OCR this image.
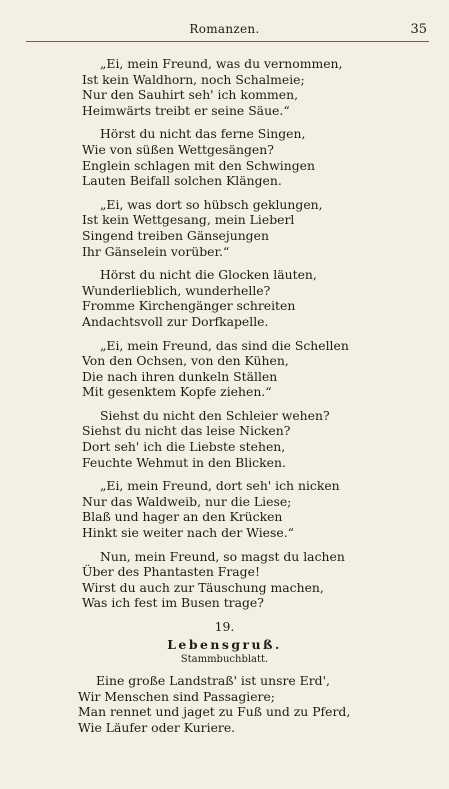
Romanzen.	35
„Ei, mein Freund, was du vernommen,
Ist kein Waldhorn, noch Schalmeie;
Nur den Sauhirt seh' ich kommen,
Heimwärts treibt er seine Säue.“
Hörst du nicht das ferne Singen,
Wie von süßen Wettgesängen?
Englein schlagen mit den Schwingen
Lauten Beifall solchen Klängen.
„Ei, was dort so hübsch geklungen,
Ist kein Wettgesang, mein Lieberl
Singend treiben Gänsejungen
Ihr Gänselein vorüber.“
Hörst du nicht die Glocken läuten,
Wunderlieblich, wunderhelle?
Fromme Kirchengänger schreiten
Andachtsvoll zur Dorfkapelle.
„Ei, mein Freund, das sind die Schellen
Von den Ochsen, von den Kühen,
Die nach ihren dunkeln Ställen
Mit gesenktem Kopfe ziehen.“
Siehst du nicht den Schleier wehen?
Siehst du nicht das leise Nicken?
Dort seh' ich die Liebste stehen,
Feuchte Wehmut in den Blicken.
„Ei, mein Freund, dort seh' ich nicken
Nur das Waldweib, nur die Liese;
Blaß und hager an den Krücken
Hinkt sie weiter nach der Wiese.“
Nun, mein Freund, so magst du lachen
Über des Phantasten Frage!
Wirst du auch zur Täuschung machen,
Was ich fest im Busen trage?
19.
Lebensgruß.
Stammbuchblatt.
Eine große Landstraß' ist unsre Erd',
Wir Menschen sind Passagiere;
Man rennet und jaget zu Fuß und zu Pferd,
Wie Läufer oder Kuriere.
